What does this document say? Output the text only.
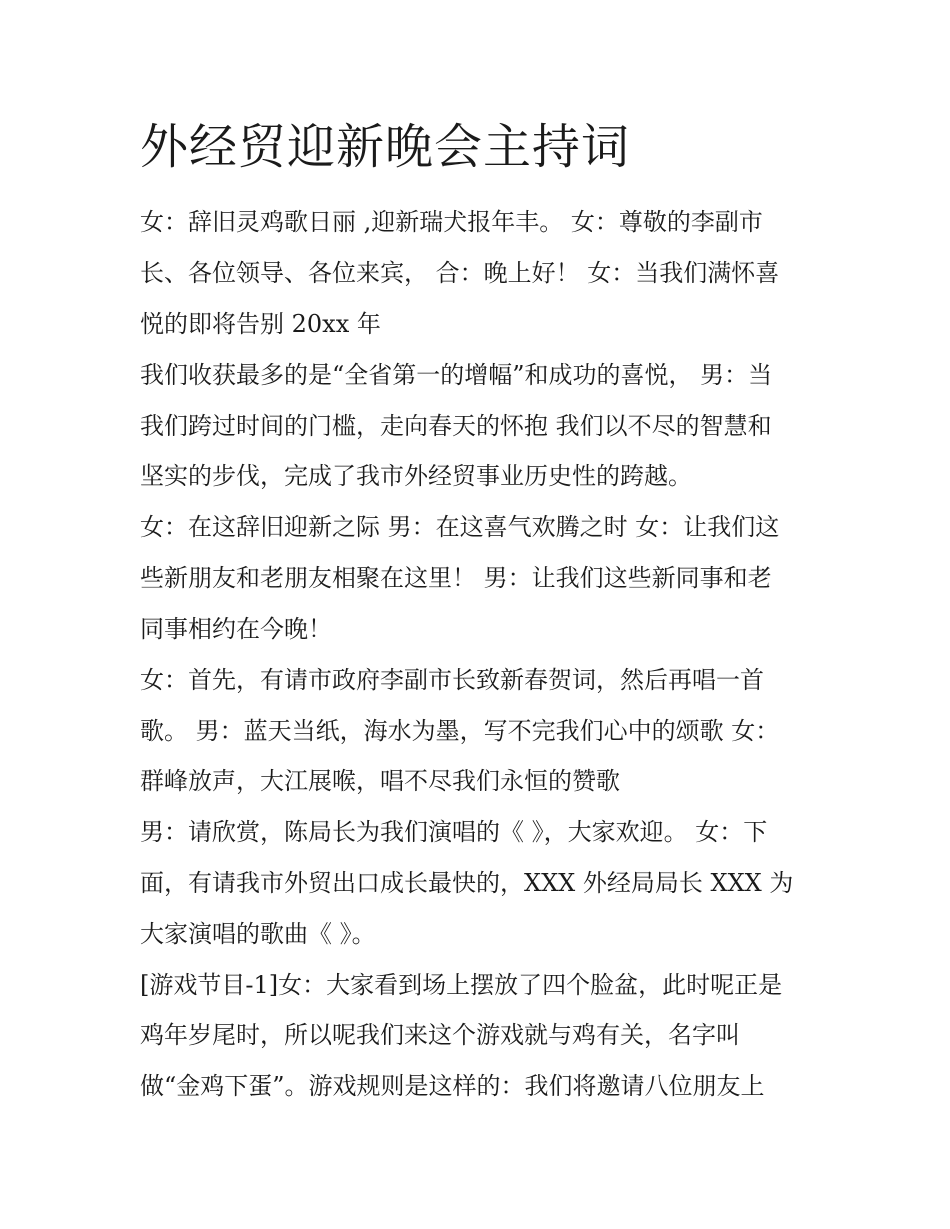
外经贸迎新晚会主持词

女：辞旧灵鸡歌日丽 ,迎新瑞犬报年丰。 女：尊敬的李副市

长、各位领导、各位来宾， 合：晚上好！ 女：当我们满怀喜

悦的即将告别 20xx 年

我们收获最多的是“全省第一的增幅”和成功的喜悦， 男：当

我们跨过时间的门槛，走向春天的怀抱 我们以不尽的智慧和

坚实的步伐，完成了我市外经贸事业历史性的跨越。

女：在这辞旧迎新之际 男：在这喜气欢腾之时 女：让我们这

些新朋友和老朋友相聚在这里！ 男：让我们这些新同事和老

同事相约在今晚！

女：首先，有请市政府李副市长致新春贺词，然后再唱一首

歌。 男：蓝天当纸，海水为墨，写不完我们心中的颂歌 女：

群峰放声，大江展喉，唱不尽我们永恒的赞歌

男：请欣赏，陈局长为我们演唱的《 》，大家欢迎。 女：下

面，有请我市外贸出口成长最快的，XXX 外经局局长 XXX 为

大家演唱的歌曲《 》。

[游戏节目-1]女：大家看到场上摆放了四个脸盆，此时呢正是

鸡年岁尾时，所以呢我们来这个游戏就与鸡有关，名字叫

做“金鸡下蛋”。游戏规则是这样的：我们将邀请八位朋友上
